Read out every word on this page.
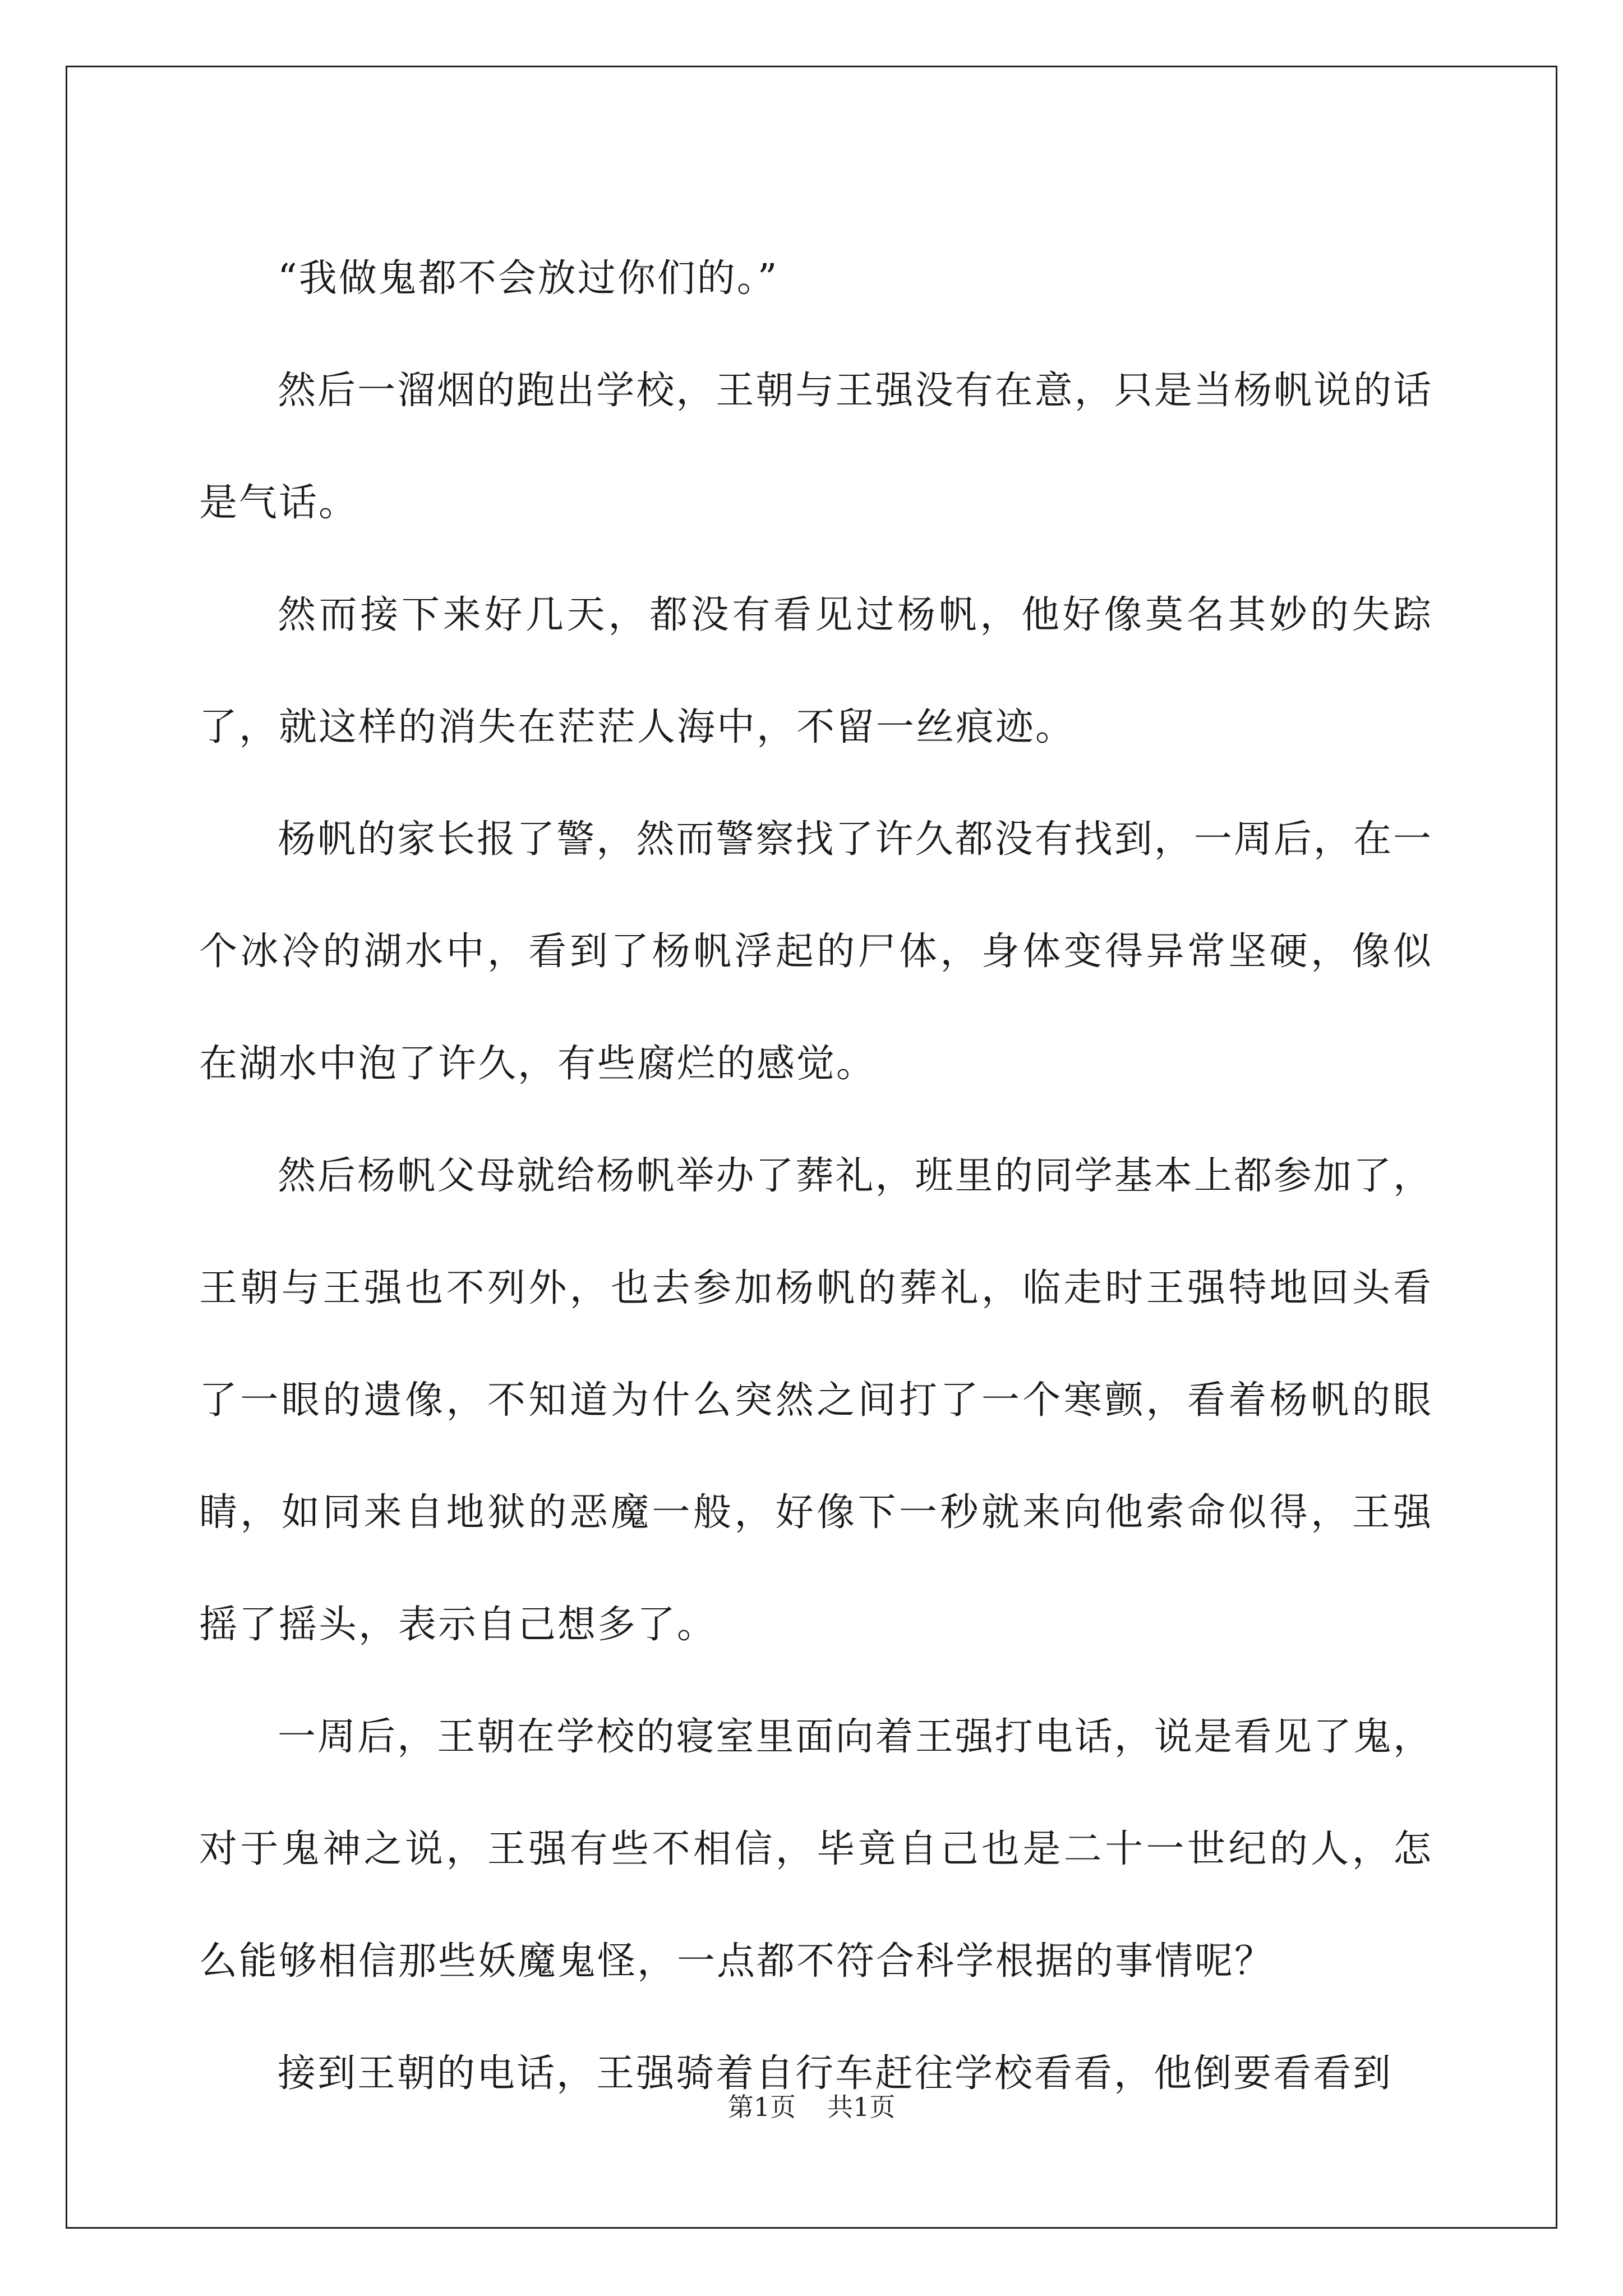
“我做鬼都不会放过你们的。”

然后一溜烟的跑出学校，王朝与王强没有在意，只是当杨帆说的话是气话。

然而接下来好几天，都没有看见过杨帆，他好像莫名其妙的失踪了，就这样的消失在茫茫人海中，不留一丝痕迹。

杨帆的家长报了警，然而警察找了许久都没有找到，一周后，在一个冰冷的湖水中，看到了杨帆浮起的尸体，身体变得异常坚硬，像似在湖水中泡了许久，有些腐烂的感觉。

然后杨帆父母就给杨帆举办了葬礼，班里的同学基本上都参加了，王朝与王强也不列外，也去参加杨帆的葬礼，临走时王强特地回头看了一眼的遗像，不知道为什么突然之间打了一个寒颤，看着杨帆的眼睛，如同来自地狱的恶魔一般，好像下一秒就来向他索命似得，王强摇了摇头，表示自己想多了。

一周后，王朝在学校的寝室里面向着王强打电话，说是看见了鬼，对于鬼神之说，王强有些不相信，毕竟自己也是二十一世纪的人，怎么能够相信那些妖魔鬼怪，一点都不符合科学根据的事情呢？

接到王朝的电话，王强骑着自行车赶往学校看看，他倒要看看到

第1页 共1页
